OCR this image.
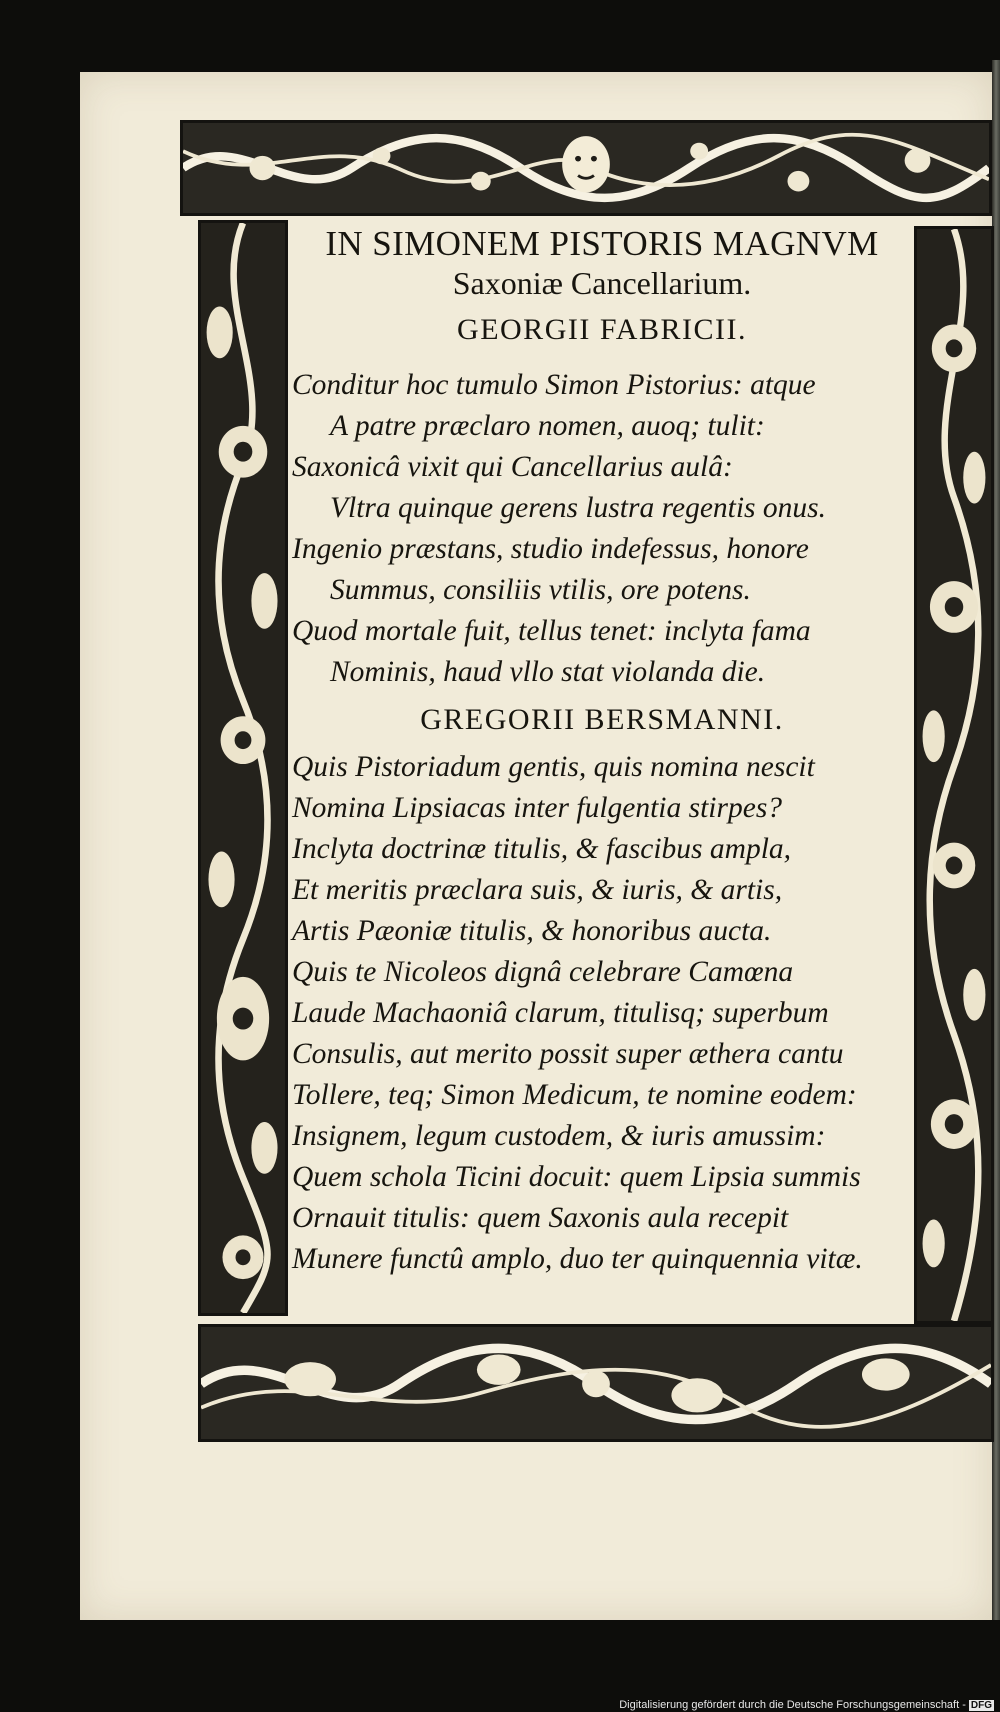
IN SIMONEM PISTORIS MAGNVM
Saxoniæ Cancellarium.
GEORGII FABRICII.
Conditur hoc tumulo Simon Pistorius: atque
A patre præclaro nomen, auoq; tulit:
Saxonicâ vixit qui Cancellarius aulâ:
Vltra quinque gerens lustra regentis onus.
Ingenio præstans, studio indefessus, honore
Summus, consiliis vtilis, ore potens.
Quod mortale fuit, tellus tenet: inclyta fama
Nominis, haud vllo stat violanda die.
GREGORII BERSMANNI.
Quis Pistoriadum gentis, quis nomina nescit
Nomina Lipsiacas inter fulgentia stirpes?
Inclyta doctrinæ titulis, & fascibus ampla,
Et meritis præclara suis, & iuris, & artis,
Artis Pæoniæ titulis, & honoribus aucta.
Quis te Nicoleos dignâ celebrare Camœna
Laude Machaoniâ clarum, titulisq; superbum
Consulis, aut merito possit super æthera cantu
Tollere, teq; Simon Medicum, te nomine eodem:
Insignem, legum custodem, & iuris amussim:
Quem schola Ticini docuit: quem Lipsia summis
Ornauit titulis: quem Saxonis aula recepit
Munere functû amplo, duo ter quinquennia vitæ.
Digitalisierung gefördert durch die Deutsche Forschungsgemeinschaft - DFG
